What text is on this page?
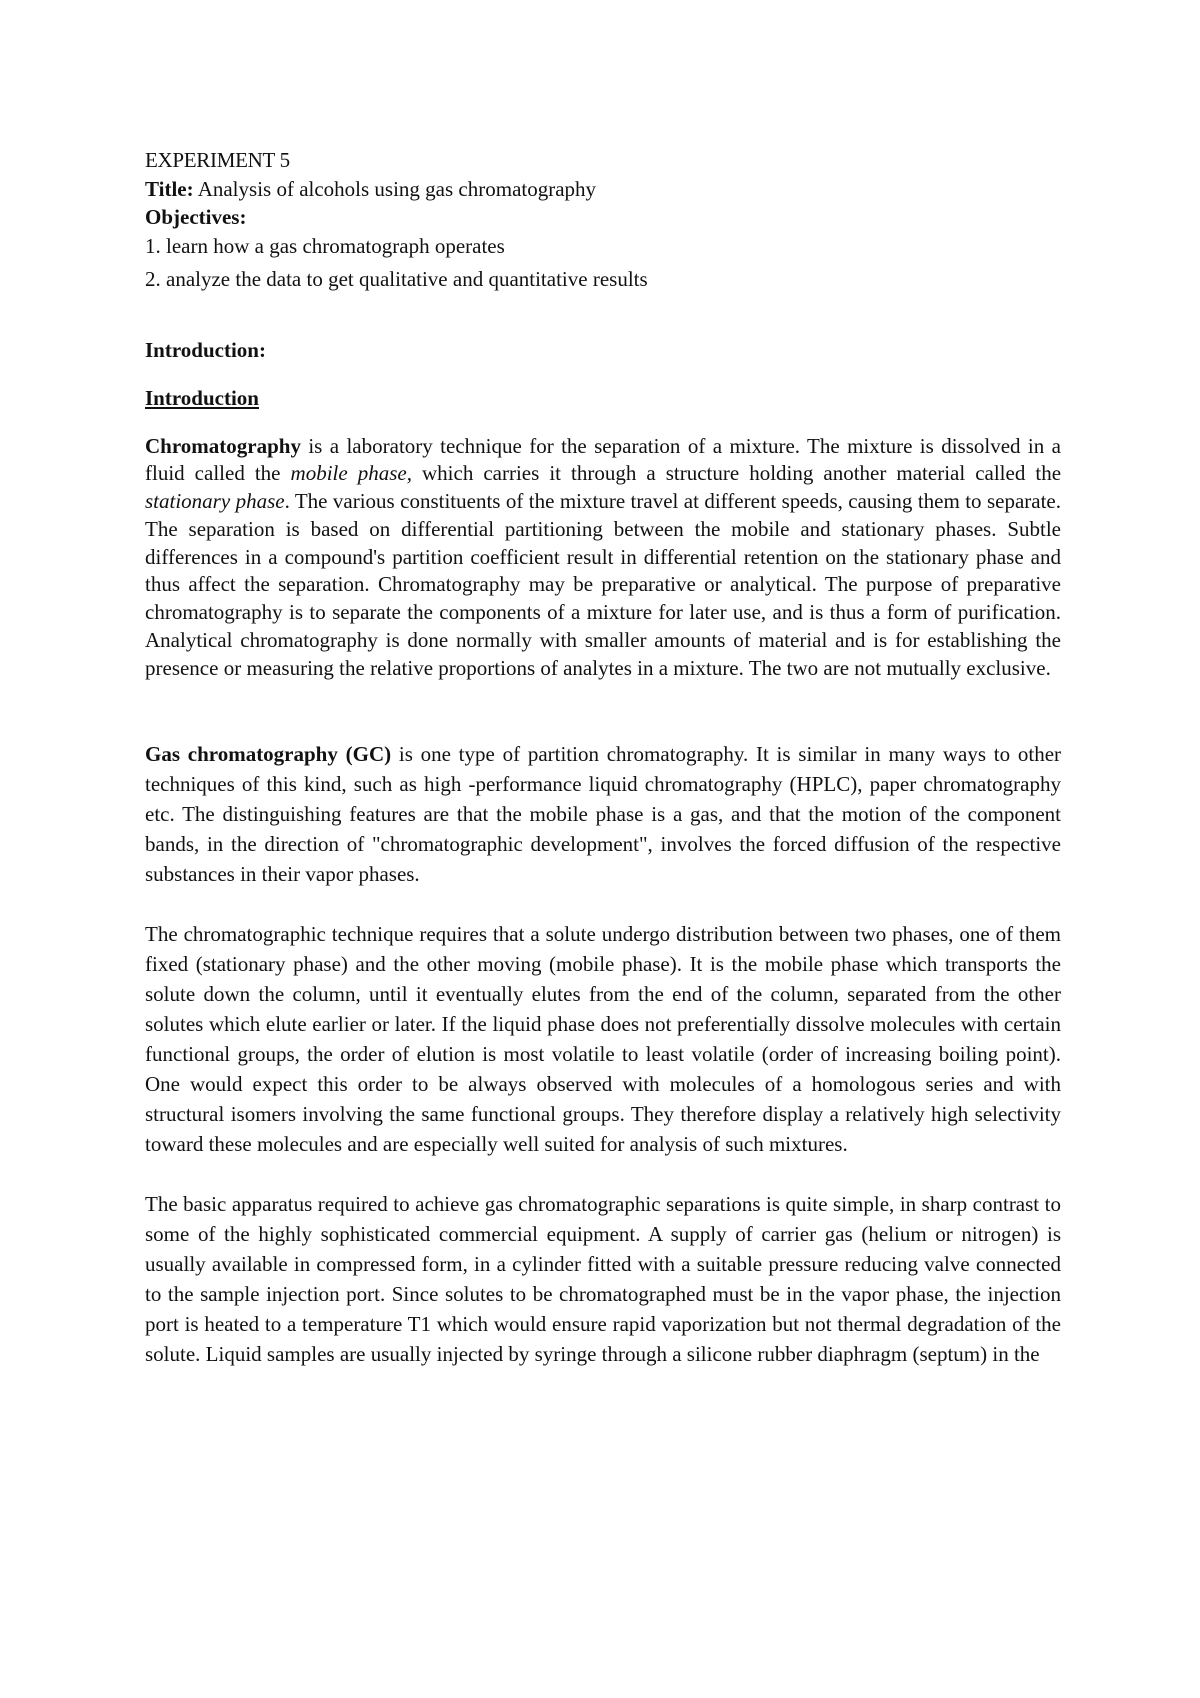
EXPERIMENT 5

Title: Analysis of alcohols using gas chromatography

Objectives:

1. learn how a gas chromatograph operates

2. analyze the data to get qualitative and quantitative results

Introduction:

Introduction

Chromatography is a laboratory technique for the separation of a mixture. The mixture is dissolved in a fluid called the mobile phase, which carries it through a structure holding another material called the stationary phase. The various constituents of the mixture travel at different speeds, causing them to separate. The separation is based on differential partitioning between the mobile and stationary phases. Subtle differences in a compound's partition coefficient result in differential retention on the stationary phase and thus affect the separation. Chromatography may be preparative or analytical. The purpose of preparative chromatography is to separate the components of a mixture for later use, and is thus a form of purification. Analytical chromatography is done normally with smaller amounts of material and is for establishing the presence or measuring the relative proportions of analytes in a mixture. The two are not mutually exclusive.

Gas chromatography (GC) is one type of partition chromatography. It is similar in many ways to other techniques of this kind, such as high -performance liquid chromatography (HPLC), paper chromatography etc. The distinguishing features are that the mobile phase is a gas, and that the motion of the component bands, in the direction of "chromatographic development", involves the forced diffusion of the respective substances in their vapor phases.

The chromatographic technique requires that a solute undergo distribution between two phases, one of them fixed (stationary phase) and the other moving (mobile phase). It is the mobile phase which transports the solute down the column, until it eventually elutes from the end of the column, separated from the other solutes which elute earlier or later. If the liquid phase does not preferentially dissolve molecules with certain functional groups, the order of elution is most volatile to least volatile (order of increasing boiling point). One would expect this order to be always observed with molecules of a homologous series and with structural isomers involving the same functional groups. They therefore display a relatively high selectivity toward these molecules and are especially well suited for analysis of such mixtures.

The basic apparatus required to achieve gas chromatographic separations is quite simple, in sharp contrast to some of the highly sophisticated commercial equipment. A supply of carrier gas (helium or nitrogen) is usually available in compressed form, in a cylinder fitted with a suitable pressure reducing valve connected to the sample injection port. Since solutes to be chromatographed must be in the vapor phase, the injection port is heated to a temperature T1 which would ensure rapid vaporization but not thermal degradation of the solute. Liquid samples are usually injected by syringe through a silicone rubber diaphragm (septum) in the
